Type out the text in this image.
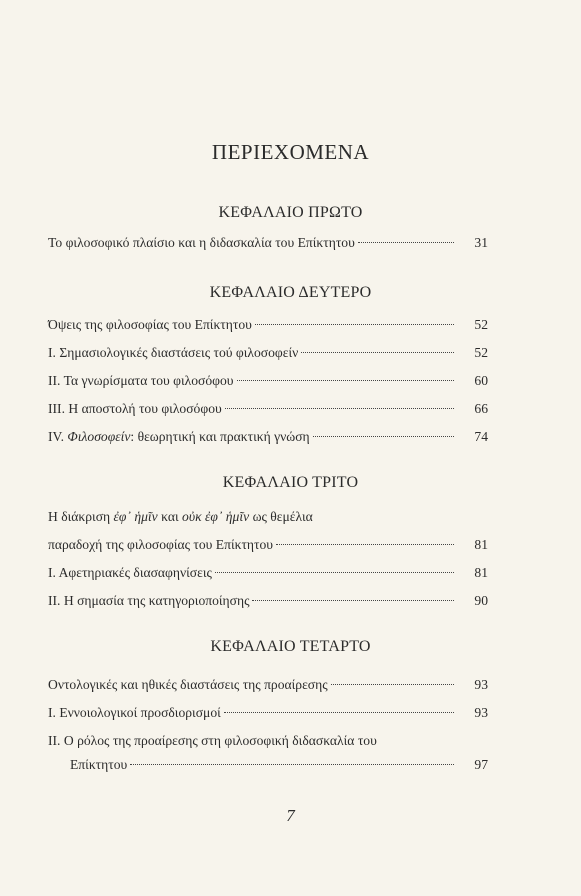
ΠΕΡΙΕΧΟΜΕΝΑ
ΚΕΦΑΛΑΙΟ ΠΡΩΤΟ
Το φιλοσοφικό πλαίσιο και η διδασκαλία του Επίκτητου	31
ΚΕΦΑΛΑΙΟ ΔΕΥΤΕΡΟ
Όψεις της φιλοσοφίας του Επίκτητου	52
Ι. Σημασιολογικές διαστάσεις τού φιλοσοφείν	52
ΙΙ. Τα γνωρίσματα του φιλοσόφου	60
ΙΙΙ. Η αποστολή του φιλοσόφου	66
ΙV. Φιλοσοφείν: θεωρητική και πρακτική γνώση	74
ΚΕΦΑΛΑΙΟ ΤΡΙΤΟ
Η διάκριση ἐφ᾽ ἡμῖν και οὐκ ἐφ᾽ ἡμῖν ως θεμέλια
παραδοχή της φιλοσοφίας του Επίκτητου	81
Ι. Αφετηριακές διασαφηνίσεις	81
ΙΙ. Η σημασία της κατηγοριοποίησης	90
ΚΕΦΑΛΑΙΟ ΤΕΤΑΡΤΟ
Οντολογικές και ηθικές διαστάσεις της προαίρεσης	93
Ι. Εννοιολογικοί προσδιορισμοί	93
ΙΙ. Ο ρόλος της προαίρεσης στη φιλοσοφική διδασκαλία του
Επίκτητου	97
7
